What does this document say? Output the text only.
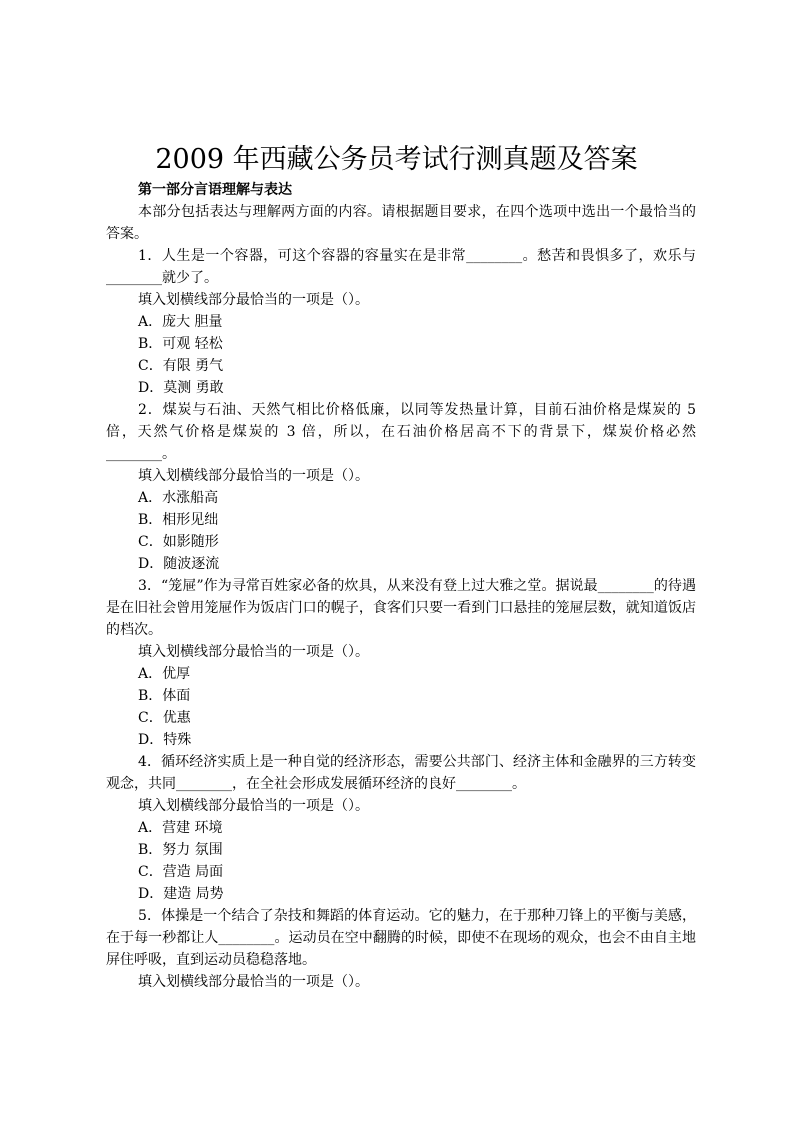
2009 年西藏公务员考试行测真题及答案

第一部分言语理解与表达

本部分包括表达与理解两方面的内容。请根据题目要求，在四个选项中选出一个最恰当的答案。

1．人生是一个容器，可这个容器的容量实在是非常________。愁苦和畏惧多了，欢乐与________就少了。

填入划横线部分最恰当的一项是（）。

A．庞大 胆量

B．可观 轻松

C．有限 勇气

D．莫测 勇敢

2．煤炭与石油、天然气相比价格低廉，以同等发热量计算，目前石油价格是煤炭的 5 倍，天然气价格是煤炭的 3 倍，所以，在石油价格居高不下的背景下，煤炭价格必然________。

填入划横线部分最恰当的一项是（）。

A．水涨船高

B．相形见绌

C．如影随形

D．随波逐流

3．“笼屉”作为寻常百姓家必备的炊具，从来没有登上过大雅之堂。据说最________的待遇是在旧社会曾用笼屉作为饭店门口的幌子，食客们只要一看到门口悬挂的笼屉层数，就知道饭店的档次。

填入划横线部分最恰当的一项是（）。

A．优厚

B．体面

C．优惠

D．特殊

4．循环经济实质上是一种自觉的经济形态，需要公共部门、经济主体和金融界的三方转变观念，共同________，在全社会形成发展循环经济的良好________。

填入划横线部分最恰当的一项是（）。

A．营建 环境

B．努力 氛围

C．营造 局面

D．建造 局势

5．体操是一个结合了杂技和舞蹈的体育运动。它的魅力，在于那种刀锋上的平衡与美感，在于每一秒都让人________。运动员在空中翻腾的时候，即使不在现场的观众，也会不由自主地屏住呼吸，直到运动员稳稳落地。

填入划横线部分最恰当的一项是（）。
